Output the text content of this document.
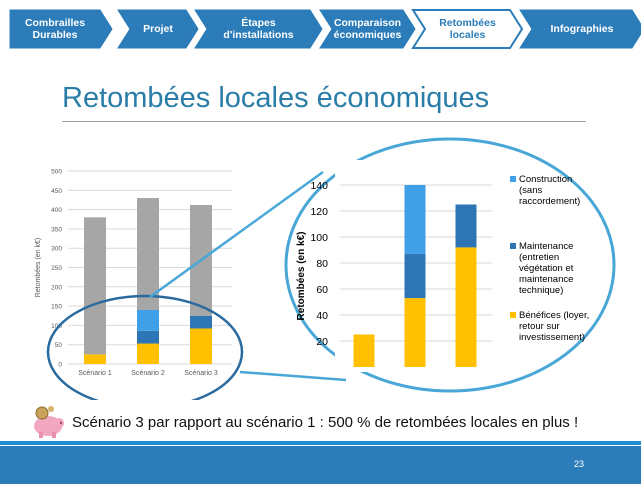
Combrailles
Durables	Projet	Étapes
d'installations
Comparaison
économiques
Retombées
locales	Infographies
Retombées locales économiques
0
50
100
150
200
250
300
350
400
450
500
Retombées (en k€)
Scénario 1	Scénario 2	Scénario 3
20
40
60
80
100
120
140
Retombées (en k€)
Construction
(sans
raccordement)
Maintenance
(entretien
végétation et
maintenance
technique)
Bénéfices (loyer,
retour sur
investissement)
Scénario 3 par rapport au scénario 1 : 500 % de retombées locales en plus !
23
